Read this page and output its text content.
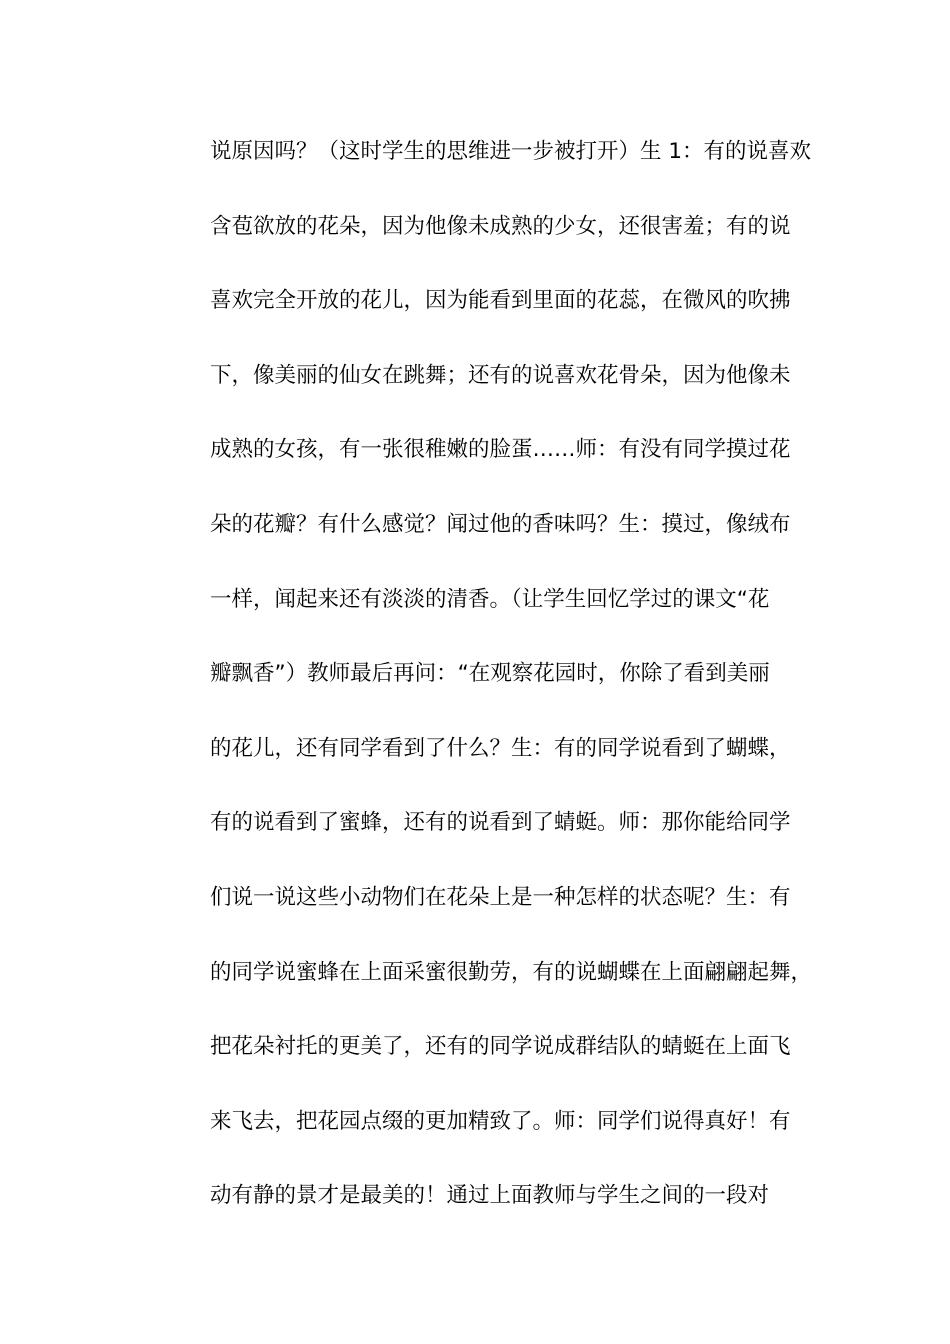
说原因吗？（这时学生的思维进一步被打开）生 1：有的说喜欢
含苞欲放的花朵，因为他像未成熟的少女，还很害羞；有的说
喜欢完全开放的花儿，因为能看到里面的花蕊，在微风的吹拂
下，像美丽的仙女在跳舞；还有的说喜欢花骨朵，因为他像未
成熟的女孩，有一张很稚嫩的脸蛋……师：有没有同学摸过花
朵的花瓣？有什么感觉？闻过他的香味吗？生：摸过，像绒布
一样，闻起来还有淡淡的清香。（让学生回忆学过的课文“花
瓣飘香”）教师最后再问：“在观察花园时，你除了看到美丽
的花儿，还有同学看到了什么？生：有的同学说看到了蝴蝶，
有的说看到了蜜蜂，还有的说看到了蜻蜓。师：那你能给同学
们说一说这些小动物们在花朵上是一种怎样的状态呢？生：有
的同学说蜜蜂在上面采蜜很勤劳，有的说蝴蝶在上面翩翩起舞，
把花朵衬托的更美了，还有的同学说成群结队的蜻蜓在上面飞
来飞去，把花园点缀的更加精致了。师：同学们说得真好！有
动有静的景才是最美的！通过上面教师与学生之间的一段对
